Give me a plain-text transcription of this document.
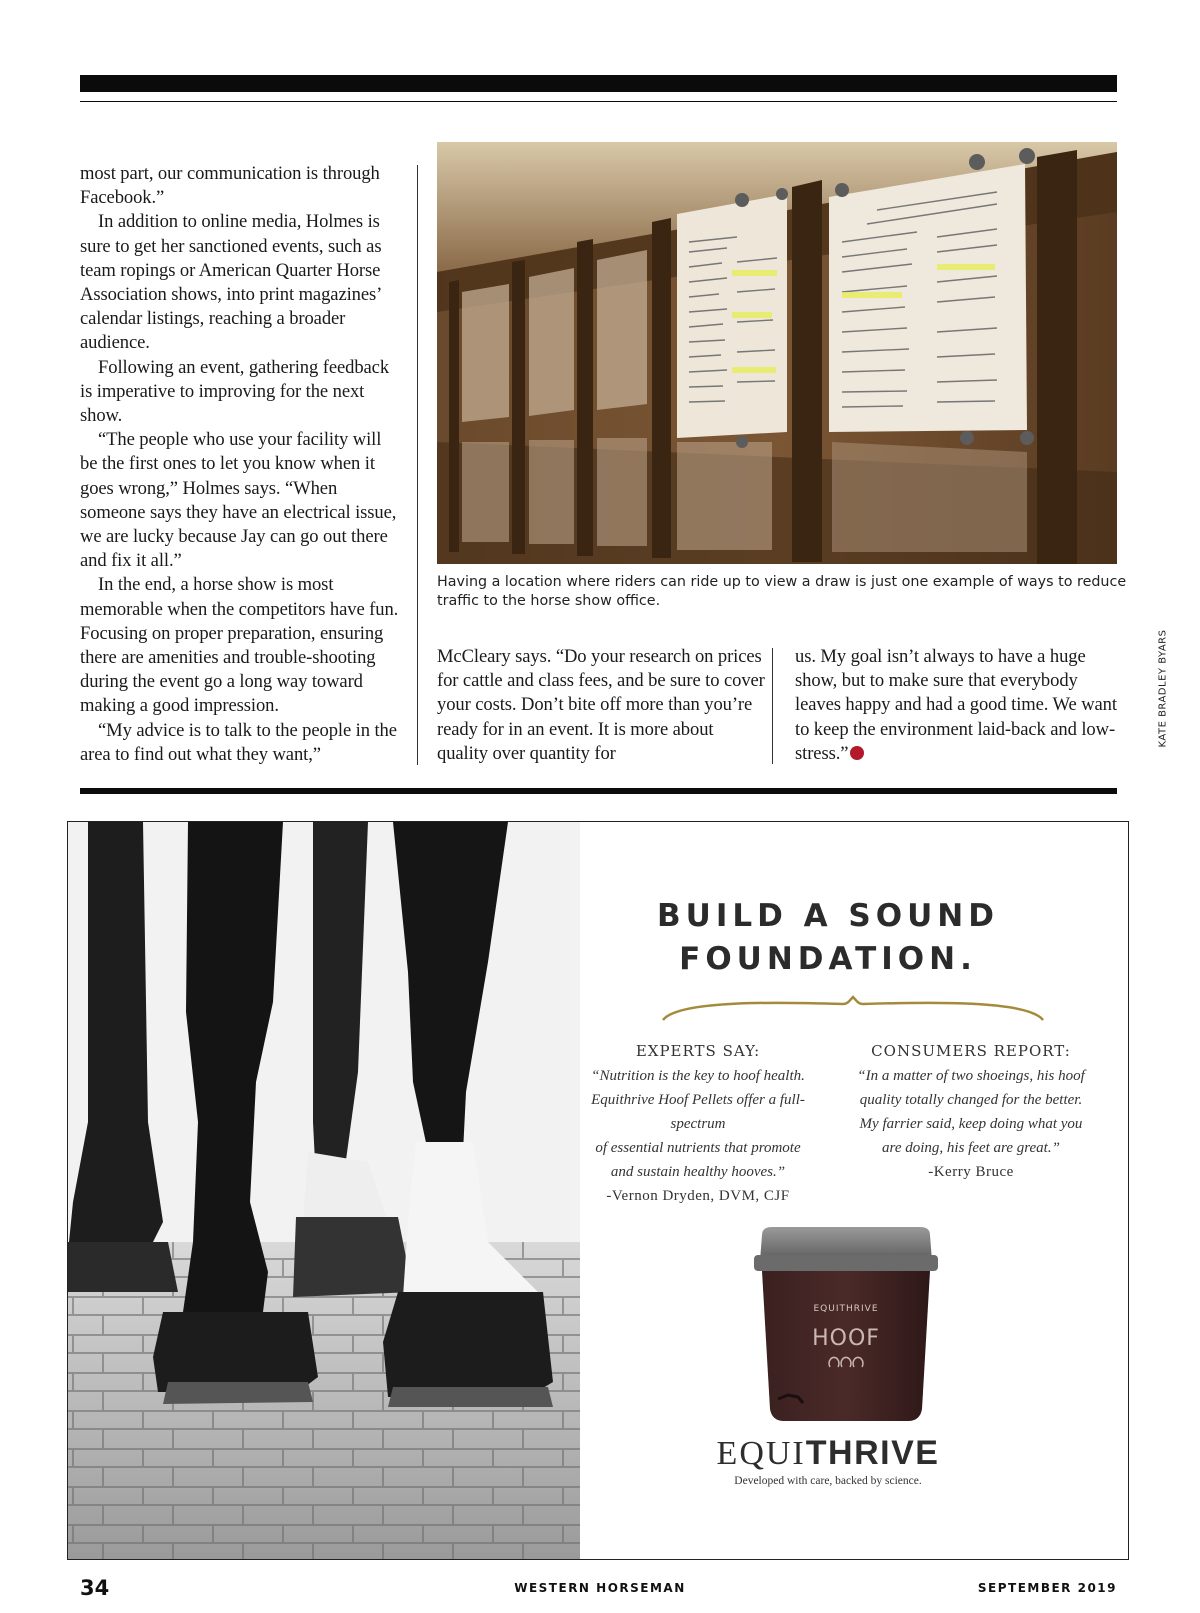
most part, our communication is through Facebook.”

In addition to online media, Holmes is sure to get her sanctioned events, such as team ropings or American Quarter Horse Association shows, into print magazines’ calendar listings, reaching a broader audience.

Following an event, gathering feedback is imperative to improving for the next show.

“The people who use your facility will be the first ones to let you know when it goes wrong,” Holmes says. “When someone says they have an electrical issue, we are lucky because Jay can go out there and fix it all.”

In the end, a horse show is most memorable when the competitors have fun. Focusing on proper preparation, ensuring there are amenities and trouble-shooting during the event go a long way toward making a good impression.

“My advice is to talk to the people in the area to find out what they want,”

Having a location where riders can ride up to view a draw is just one example of ways to reduce traffic to the horse show office.

McCleary says. “Do your research on prices for cattle and class fees, and be sure to cover your costs. Don’t bite off more than you’re ready for in an event. It is more about quality over quantity for

us. My goal isn’t always to have a huge show, but to make sure that everybody leaves happy and had a good time. We want to keep the environment laid-back and low-stress.”

KATE BRADLEY BYARS
BUILD A SOUND
FOUNDATION.
EXPERTS SAY:
“Nutrition is the key to hoof health.
Equithrive Hoof Pellets offer a full-spectrum
of essential nutrients that promote
and sustain healthy hooves.”
-Vernon Dryden, DVM, CJF
CONSUMERS REPORT:
“In a matter of two shoeings, his hoof
quality totally changed for the better.
My farrier said, keep doing what you
are doing, his feet are great.”
-Kerry Bruce
EQUITHRIVE
HOOF
EQUITHRIVE
Developed with care, backed by science.
34	WESTERN HORSEMAN	SEPTEMBER 2019
